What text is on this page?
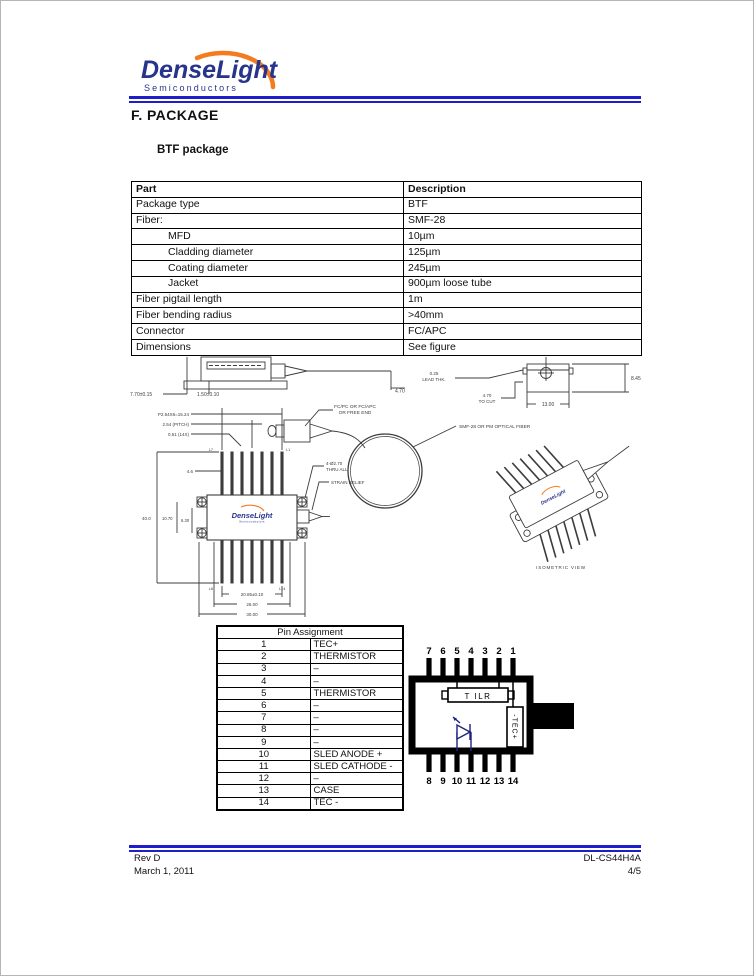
DenseLight
Semiconductors
F. PACKAGE
BTF package
Part	Description
Package type	BTF
Fiber:	SMF-28
MFD	10µm
Cladding diameter	125µm
Coating diameter	245µm
Jacket	900µm loose tube
Fiber pigtail length	1m
Fiber bending radius	>40mm
Connector	FC/APC
Dimensions	See figure
4.70
7.70±0.15	1.50±0.10
0.25
LEAD THK.
4.70
TO CUT
13.00
8.45
FC/PC OR FC/APC
OR FREE END
SMF-28 OR PM OPTICAL FIBER
P2.54X6=15.24
2.54 (PITCH)
0.51 (14X)
L7	L1
DenseLight
Semiconductors
L8	L14
4.6
40.0	10.70 6.30
4-Ø2.70
THRU ALL
STRAIN RELIEF
20.85±0.10
26.00
30.00
DenseLight
ISOMETRIC VIEW
Pin Assignment	
1	TEC+
2	THERMISTOR
3	–
4	–
5	THERMISTOR
6	–
7	–
8	–
9	–
10	SLED ANODE +
11	SLED CATHODE -
12	–
13	CASE
14	TEC -
7 6 5 4 3 2 1
T ILR
-TEC+
8 9 10 11 12 13 14
Rev D
March 1, 2011
DL-CS44H4A
4/5
